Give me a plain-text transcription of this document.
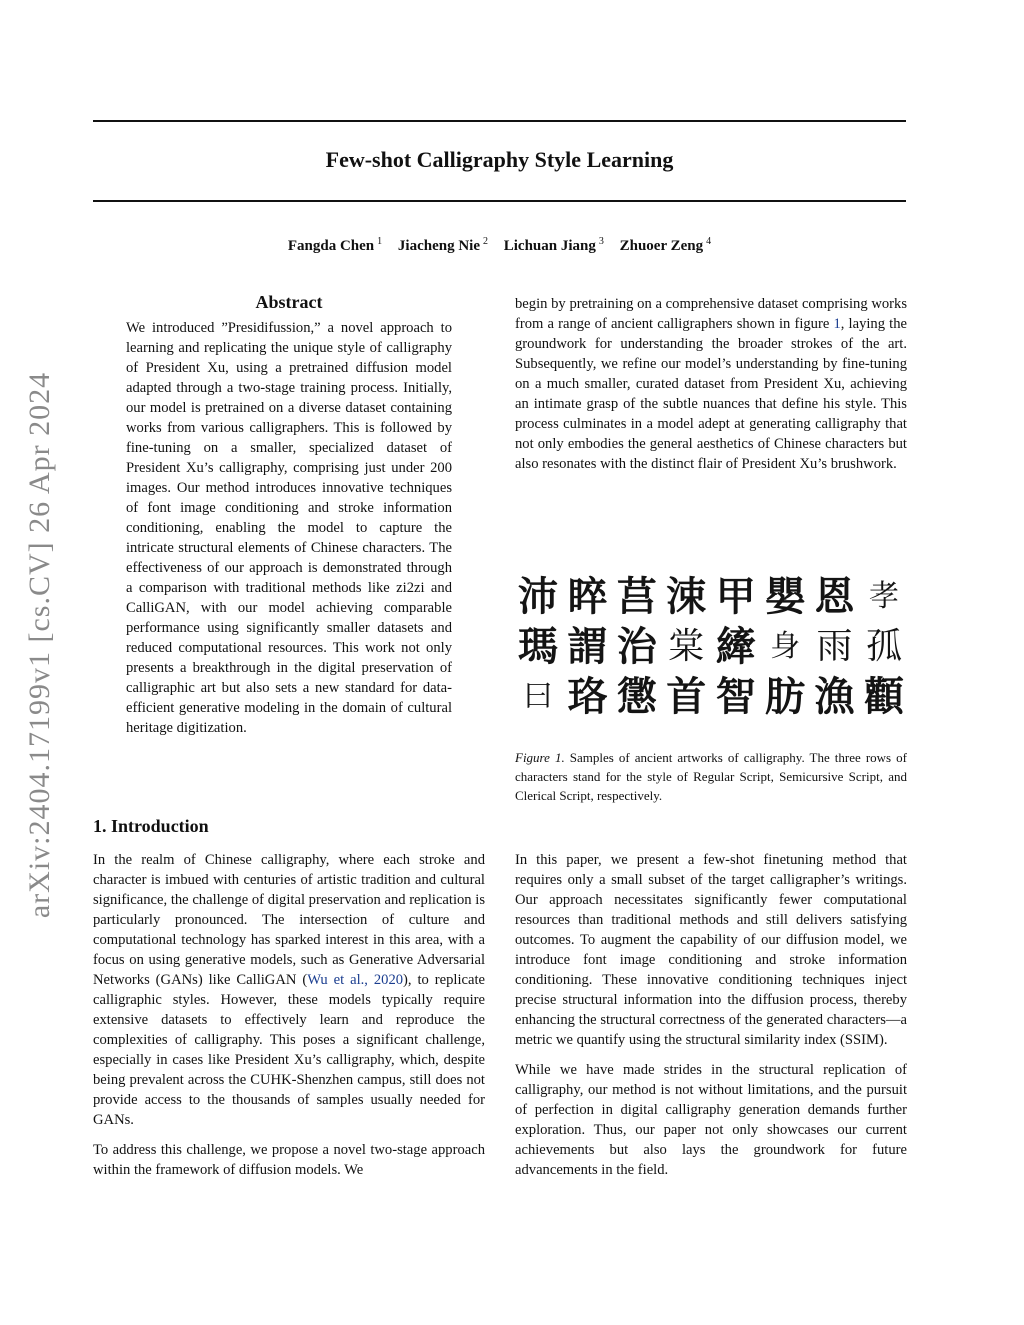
arXiv:2404.17199v1 [cs.CV] 26 Apr 2024
Few-shot Calligraphy Style Learning
Fangda Chen $^1$ Jiacheng Nie $^2$ Lichuan Jiang $^3$ Zhuoer Zeng $^4$
Abstract

We introduced ”Presidifussion,” a novel approach to learning and replicating the unique style of calligraphy of President Xu, using a pretrained diffusion model adapted through a two-stage training process. Initially, our model is pretrained on a diverse dataset containing works from various calligraphers. This is followed by fine-tuning on a smaller, specialized dataset of President Xu’s calligraphy, comprising just under 200 images. Our method introduces innovative techniques of font image conditioning and stroke information conditioning, enabling the model to capture the intricate structural elements of Chinese characters. The effectiveness of our approach is demonstrated through a comparison with traditional methods like zi2zi and CalliGAN, with our model achieving comparable performance using significantly smaller datasets and reduced computational resources. This work not only presents a breakthrough in the digital preservation of calligraphic art but also sets a new standard for data-efficient generative modeling in the domain of cultural heritage digitization.

1. Introduction

In the realm of Chinese calligraphy, where each stroke and character is imbued with centuries of artistic tradition and cultural significance, the challenge of digital preservation and replication is particularly pronounced. The intersection of culture and computational technology has sparked interest in this area, with a focus on using generative models, such as Generative Adversarial Networks (GANs) like CalliGAN (Wu et al., 2020), to replicate calligraphic styles. However, these models typically require extensive datasets to effectively learn and reproduce the complexities of calligraphy. This poses a significant challenge, especially in cases like President Xu’s calligraphy, which, despite being prevalent across the CUHK-Shenzhen campus, still does not provide access to the thousands of samples usually needed for GANs.

To address this challenge, we propose a novel two-stage approach within the framework of diffusion models. We

begin by pretraining on a comprehensive dataset comprising works from a range of ancient calligraphers shown in figure 1, laying the groundwork for understanding the broader strokes of the art. Subsequently, we refine our model’s understanding by fine-tuning on a much smaller, curated dataset from President Xu, achieving an intimate grasp of the subtle nuances that define his style. This process culminates in a model adept at generating calligraphy that not only embodies the general aesthetics of Chinese characters but also resonates with the distinct flair of President Xu’s brushwork.

沛 睟 莒 涑 甲 嬰 恩 孝
瑪 謂 治 棠 縴 身 雨 孤
曰 珞 懲 首 智 肪 漁 顴
Figure 1. Samples of ancient artworks of calligraphy. The three rows of characters stand for the style of Regular Script, Semicursive Script, and Clerical Script, respectively.

In this paper, we present a few-shot finetuning method that requires only a small subset of the target calligrapher’s writings. Our approach necessitates significantly fewer computational resources than traditional methods and still delivers satisfying outcomes. To augment the capability of our diffusion model, we introduce font image conditioning and stroke information conditioning. These innovative conditioning techniques inject precise structural information into the diffusion process, thereby enhancing the structural correctness of the generated characters—a metric we quantify using the structural similarity index (SSIM).

While we have made strides in the structural replication of calligraphy, our method is not without limitations, and the pursuit of perfection in digital calligraphy generation demands further exploration. Thus, our paper not only showcases our current achievements but also lays the groundwork for future advancements in the field.
